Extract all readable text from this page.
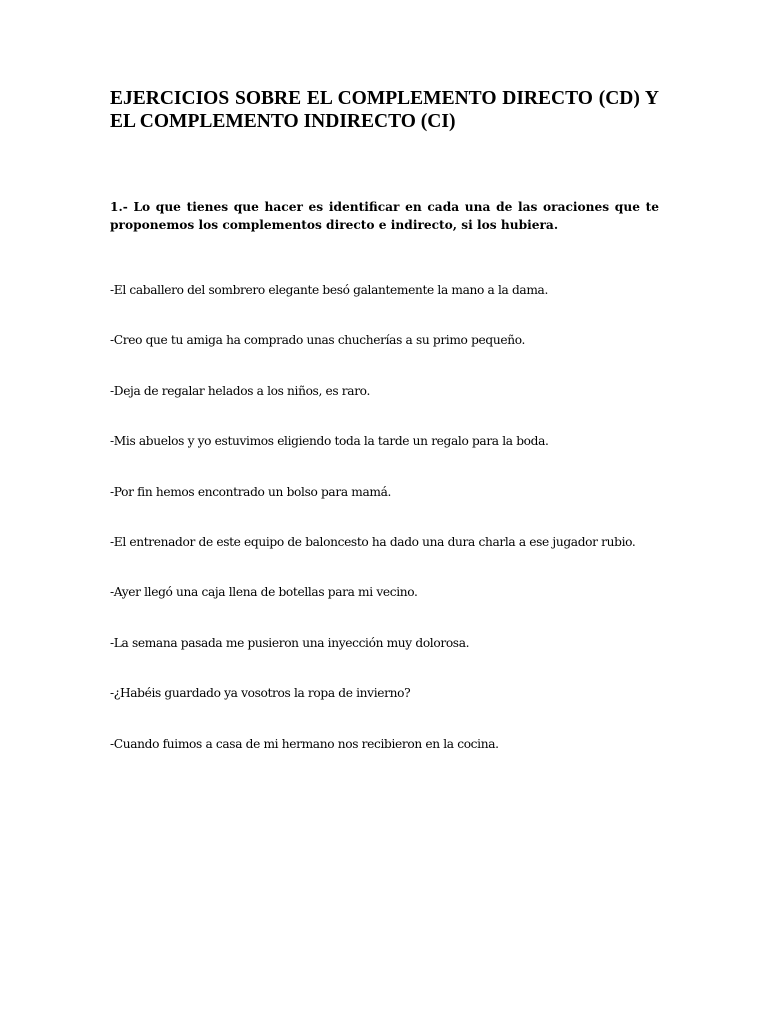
EJERCICIOS SOBRE EL COMPLEMENTO DIRECTO (CD) Y EL COMPLEMENTO INDIRECTO (CI)

1.- Lo que tienes que hacer es identificar en cada una de las oraciones que te proponemos los complementos directo e indirecto, si los hubiera.

-El caballero del sombrero elegante besó galantemente la mano a la dama.
-Creo que tu amiga ha comprado unas chucherías a su primo pequeño.
-Deja de regalar helados a los niños, es raro.
-Mis abuelos y yo estuvimos eligiendo toda la tarde un regalo para la boda.
-Por fin hemos encontrado un bolso para mamá.
-El entrenador de este equipo de baloncesto ha dado una dura charla a ese jugador rubio.
-Ayer llegó una caja llena de botellas para mi vecino.
-La semana pasada me pusieron una inyección muy dolorosa.
-¿Habéis guardado ya vosotros la ropa de invierno?
-Cuando fuimos a casa de mi hermano nos recibieron en la cocina.
